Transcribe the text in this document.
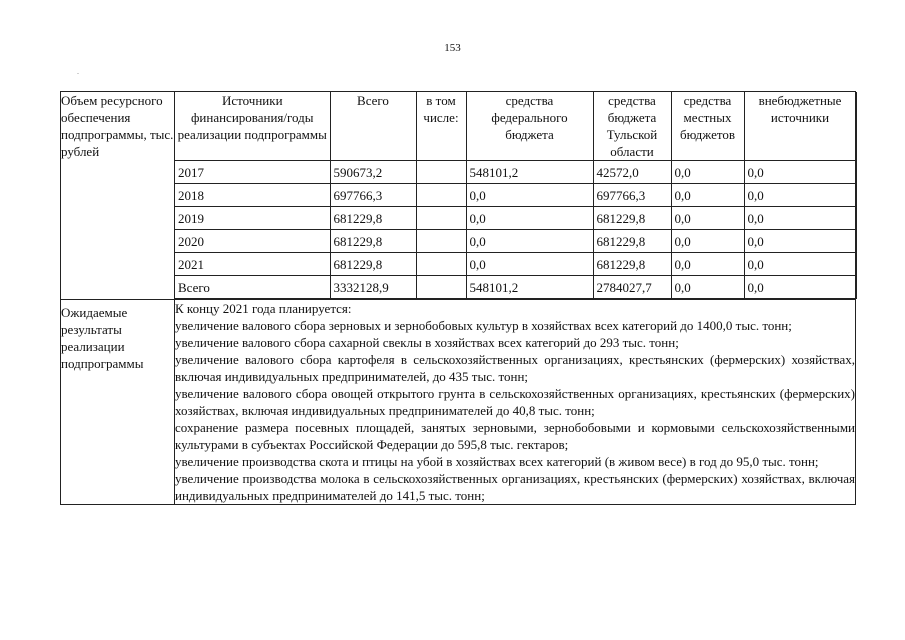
153
.
Объем ресурсного обеспечения подпрограммы, тыс. рублей	
Источники финансирования/годы реализации подпрограммы	Всего	в том числе:	средства федерального бюджета	средства бюджета Тульской области	средства местных бюджетов	внебюджетные источники
2017	590673,2		548101,2	42572,0	0,0	0,0
2018	697766,3		0,0	697766,3	0,0	0,0
2019	681229,8		0,0	681229,8	0,0	0,0
2020	681229,8		0,0	681229,8	0,0	0,0
2021	681229,8		0,0	681229,8	0,0	0,0
Всего	3332128,9		548101,2	2784027,7	0,0	0,0

Ожидаемые результаты реализации подпрограммы	
К концу 2021 года планируется:
увеличение валового сбора зерновых и зернобобовых культур в хозяйствах всех категорий до 1400,0 тыс. тонн;
увеличение валового сбора сахарной свеклы в хозяйствах всех категорий до 293 тыс. тонн;
увеличение валового сбора картофеля в сельскохозяйственных организациях, крестьянских (фермерских) хозяйствах, включая индивидуальных предпринимателей, до 435 тыс. тонн;
увеличение валового сбора овощей открытого грунта в сельскохозяйственных организациях, крестьянских (фермерских) хозяйствах, включая индивидуальных предпринимателей до 40,8 тыс. тонн;
сохранение размера посевных площадей, занятых зерновыми, зернобобовыми и кормовыми сельскохозяйственными культурами в субъектах Российской Федерации до 595,8 тыс. гектаров;
увеличение производства скота и птицы на убой в хозяйствах всех категорий (в живом весе) в год до 95,0 тыс. тонн;
увеличение производства молока в сельскохозяйственных организациях, крестьянских (фермерских) хозяйствах, включая индивидуальных предпринимателей до 141,5 тыс. тонн;
